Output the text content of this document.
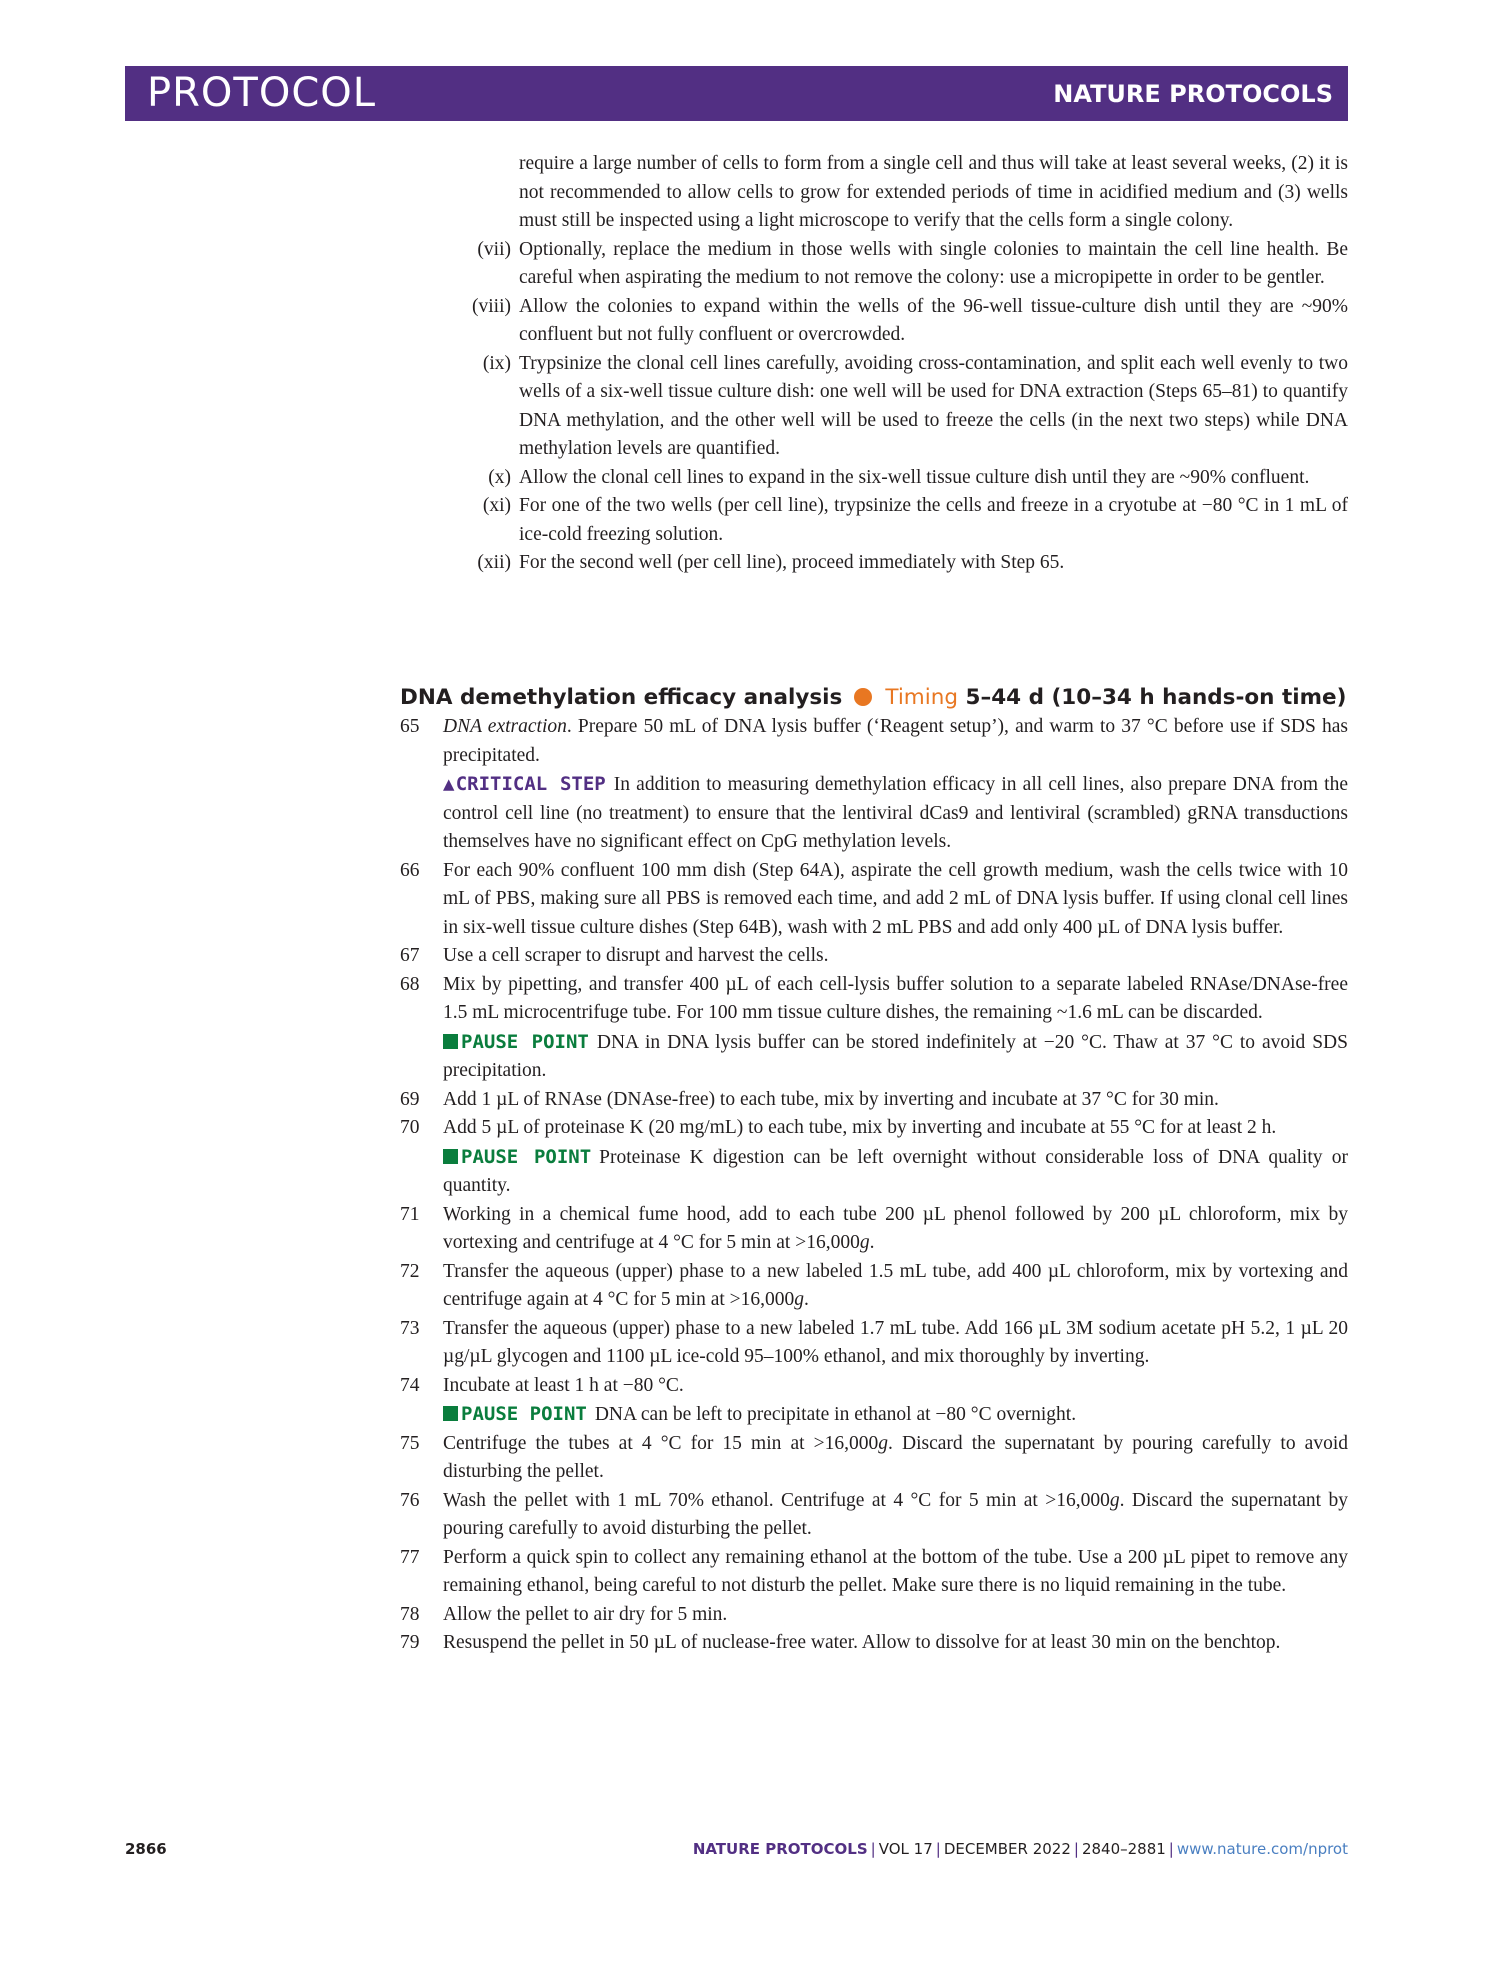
PROTOCOL	NATURE PROTOCOLS
require a large number of cells to form from a single cell and thus will take at least several weeks, (2) it is not recommended to allow cells to grow for extended periods of time in acidified medium and (3) wells must still be inspected using a light microscope to verify that the cells form a single colony.
(vii) Optionally, replace the medium in those wells with single colonies to maintain the cell line health. Be careful when aspirating the medium to not remove the colony: use a micropipette in order to be gentler.
(viii) Allow the colonies to expand within the wells of the 96-well tissue-culture dish until they are ~90% confluent but not fully confluent or overcrowded.
(ix) Trypsinize the clonal cell lines carefully, avoiding cross-contamination, and split each well evenly to two wells of a six-well tissue culture dish: one well will be used for DNA extraction (Steps 65–81) to quantify DNA methylation, and the other well will be used to freeze the cells (in the next two steps) while DNA methylation levels are quantified.
(x) Allow the clonal cell lines to expand in the six-well tissue culture dish until they are ~90% confluent.
(xi) For one of the two wells (per cell line), trypsinize the cells and freeze in a cryotube at −80 °C in 1 mL of ice-cold freezing solution.
(xii) For the second well (per cell line), proceed immediately with Step 65.
DNA demethylation efficacy analysis Timing 5–44 d (10–34 h hands-on time)
65 DNA extraction. Prepare 50 mL of DNA lysis buffer (‘Reagent setup’), and warm to 37 °C before use if SDS has precipitated.
▲CRITICAL STEP In addition to measuring demethylation efficacy in all cell lines, also prepare DNA from the control cell line (no treatment) to ensure that the lentiviral dCas9 and lentiviral (scrambled) gRNA transductions themselves have no significant effect on CpG methylation levels.
66 For each 90% confluent 100 mm dish (Step 64A), aspirate the cell growth medium, wash the cells twice with 10 mL of PBS, making sure all PBS is removed each time, and add 2 mL of DNA lysis buffer. If using clonal cell lines in six-well tissue culture dishes (Step 64B), wash with 2 mL PBS and add only 400 µL of DNA lysis buffer.
67 Use a cell scraper to disrupt and harvest the cells.
68 Mix by pipetting, and transfer 400 µL of each cell-lysis buffer solution to a separate labeled RNAse/DNAse-free 1.5 mL microcentrifuge tube. For 100 mm tissue culture dishes, the remaining ~1.6 mL can be discarded.
PAUSE POINT DNA in DNA lysis buffer can be stored indefinitely at −20 °C. Thaw at 37 °C to avoid SDS precipitation.
69 Add 1 µL of RNAse (DNAse-free) to each tube, mix by inverting and incubate at 37 °C for 30 min.
70 Add 5 µL of proteinase K (20 mg/mL) to each tube, mix by inverting and incubate at 55 °C for at least 2 h.
PAUSE POINT Proteinase K digestion can be left overnight without considerable loss of DNA quality or quantity.
71 Working in a chemical fume hood, add to each tube 200 µL phenol followed by 200 µL chloroform, mix by vortexing and centrifuge at 4 °C for 5 min at >16,000g.
72 Transfer the aqueous (upper) phase to a new labeled 1.5 mL tube, add 400 µL chloroform, mix by vortexing and centrifuge again at 4 °C for 5 min at >16,000g.
73 Transfer the aqueous (upper) phase to a new labeled 1.7 mL tube. Add 166 µL 3M sodium acetate pH 5.2, 1 µL 20 µg/µL glycogen and 1100 µL ice-cold 95–100% ethanol, and mix thoroughly by inverting.
74 Incubate at least 1 h at −80 °C.
PAUSE POINT DNA can be left to precipitate in ethanol at −80 °C overnight.
75 Centrifuge the tubes at 4 °C for 15 min at >16,000g. Discard the supernatant by pouring carefully to avoid disturbing the pellet.
76 Wash the pellet with 1 mL 70% ethanol. Centrifuge at 4 °C for 5 min at >16,000g. Discard the supernatant by pouring carefully to avoid disturbing the pellet.
77 Perform a quick spin to collect any remaining ethanol at the bottom of the tube. Use a 200 µL pipet to remove any remaining ethanol, being careful to not disturb the pellet. Make sure there is no liquid remaining in the tube.
78 Allow the pellet to air dry for 5 min.
79 Resuspend the pellet in 50 µL of nuclease-free water. Allow to dissolve for at least 30 min on the benchtop.
2866	NATURE PROTOCOLS | VOL 17 | DECEMBER 2022 | 2840–2881 | www.nature.com/nprot
